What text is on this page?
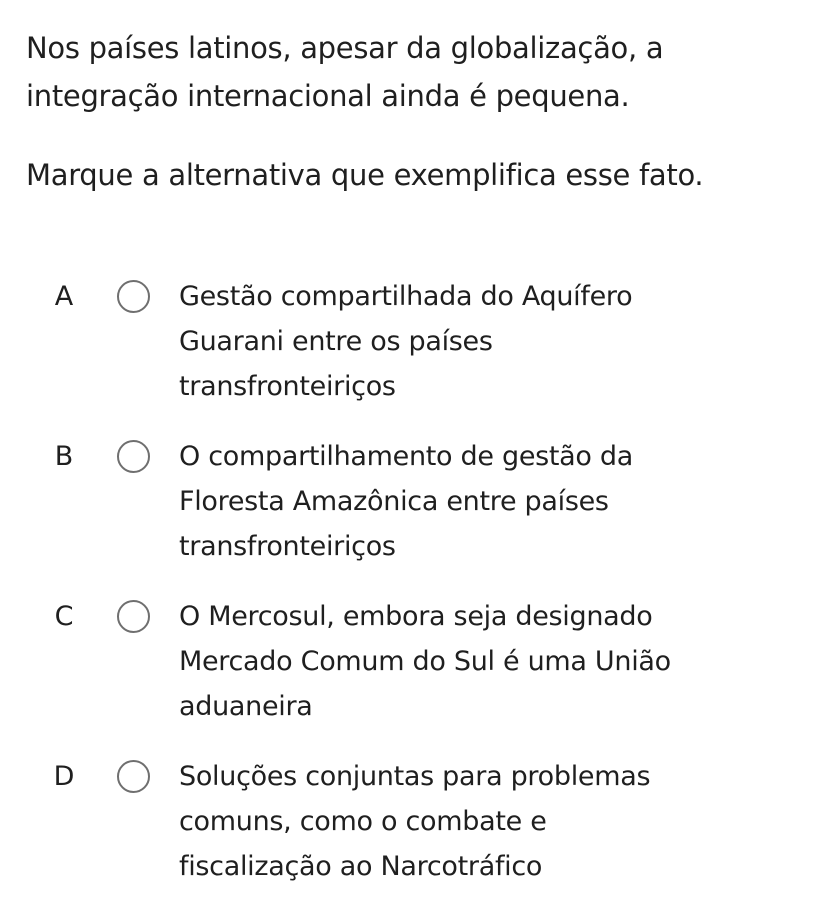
Nos países latinos, apesar da globalização, a
integração internacional ainda é pequena.

Marque a alternativa que exemplifica esse fato.

A	Gestão compartilhada do Aquífero
Guarani entre os países
transfronteiriços

B	O compartilhamento de gestão da
Floresta Amazônica entre países
transfronteiriços

C	O Mercosul, embora seja designado
Mercado Comum do Sul é uma União
aduaneira

D	Soluções conjuntas para problemas
comuns, como o combate e
fiscalização ao Narcotráfico
